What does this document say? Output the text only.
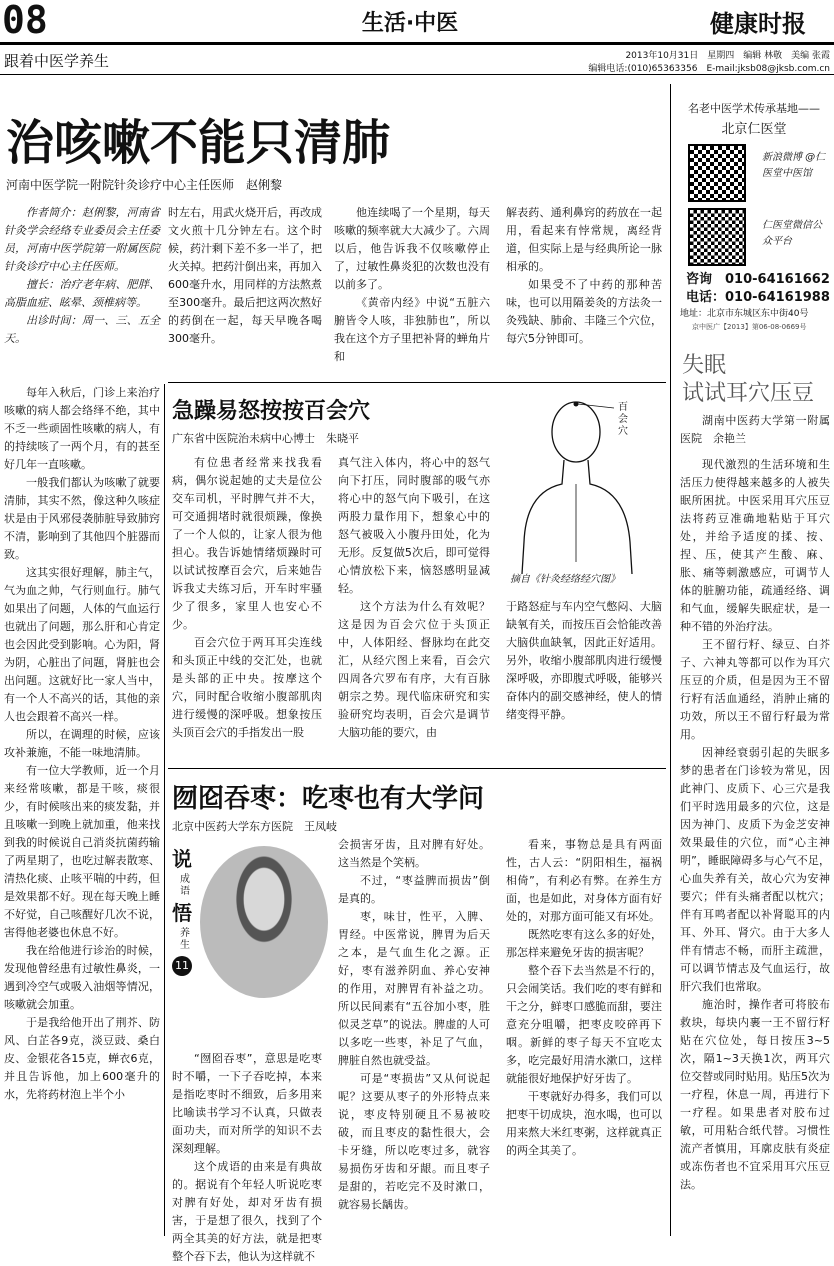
08	生活·中医	健康时报
跟着中医学养生	2013年10月31日　星期四　编辑 林敬　美编 张霞
编辑电话:(010)65363356　E-mail:jksb08@jksb.com.cn
治咳嗽不能只清肺
河南中医学院一附院针灸诊疗中心主任医师　赵俐黎

作者简介：赵俐黎，河南省针灸学会经络专业委员会主任委员，河南中医学院第一附属医院针灸诊疗中心主任医师。

擅长：治疗老年病、肥胖、高脂血症、眩晕、颈椎病等。

出诊时间：周一、三、五全天。

时左右，用武火烧开后，再改成文火煎十几分钟左右。这个时候，药汁剩下差不多一半了，把火关掉。把药汁倒出来，再加入600毫升水，用同样的方法熬煮至300毫升。最后把这两次熬好的药倒在一起，每天早晚各喝300毫升。

他连续喝了一个星期，每天咳嗽的频率就大大减少了。六周以后，他告诉我不仅咳嗽停止了，过敏性鼻炎犯的次数也没有以前多了。

《黄帝内经》中说“五脏六腑皆令人咳，非独肺也”，所以我在这个方子里把补肾的蝉角片和

解表药、通利鼻窍的药放在一起用，看起来有悖常规，离经背道，但实际上是与经典所论一脉相承的。

如果受不了中药的那种苦味，也可以用隔姜灸的方法灸一灸残缺、肺俞、丰隆三个穴位，每穴5分钟即可。

每年入秋后，门诊上来治疗咳嗽的病人都会络绎不绝，其中不乏一些顽固性咳嗽的病人，有的持续咳了一两个月，有的甚至好几年一直咳嗽。

一般我们都认为咳嗽了就要清肺，其实不然，像这种久咳症状是由于风邪侵袭肺脏导致肺窍不清，影响到了其他四个脏器而致。

这其实很好理解，肺主气，气为血之帅，气行则血行。肺气如果出了问题，人体的气血运行也就出了问题，那么肝和心肯定也会因此受到影响。心为阳，肾为阴，心脏出了问题，肾脏也会出问题。这就好比一家人当中，有一个人不高兴的话，其他的亲人也会跟着不高兴一样。

所以，在调理的时候，应该攻补兼施，不能一味地清肺。

有一位大学教师，近一个月来经常咳嗽，都是干咳，痰很少，有时候咳出来的痰发黏，并且咳嗽一到晚上就加重，他来找到我的时候说自己消炎抗菌药输了两星期了，也吃过解表散寒、清热化痰、止咳平喘的中药，但是效果都不好。现在每天晚上睡不好觉，自己咳醒好几次不说，害得他老婆也休息不好。

我在给他进行诊治的时候，发现他曾经患有过敏性鼻炎，一遇到冷空气或吸入油烟等情况，咳嗽就会加重。

于是我给他开出了荆芥、防风、白芷各9克，淡豆豉、桑白皮、金银花各15克，蝉衣6克，并且告诉他，加上600毫升的水，先将药材泡上半个小

急躁易怒按按百会穴
广东省中医院治未病中心博士　朱晓平

有位患者经常来找我看病，偶尔说起她的丈夫是位公交车司机，平时脾气并不大，可交通拥堵时就很烦躁，像换了一个人似的，让家人很为他担心。我告诉她情绪烦躁时可以试试按摩百会穴，后来她告诉我丈夫练习后，开车时牢骚少了很多，家里人也安心不少。

百会穴位于两耳耳尖连线和头顶正中线的交汇处，也就是头部的正中央。按摩这个穴，同时配合收缩小腹部肌肉进行缓慢的深呼吸。想象按压头顶百会穴的手指发出一股

真气注入体内，将心中的怒气向下打压，同时腹部的吸气亦将心中的怒气向下吸引，在这两股力量作用下，想象心中的怒气被吸入小腹丹田处，化为无形。反复做5次后，即可觉得心情放松下来，恼怒感明显减轻。

这个方法为什么有效呢？这是因为百会穴位于头顶正中，人体阳经、督脉均在此交汇，从经穴图上来看，百会穴四周各穴罗布有序，大有百脉朝宗之势。现代临床研究和实验研究均表明，百会穴是调节大脑功能的要穴，由

百会穴
摘自《针灸经络经穴图》

于路怒症与车内空气憋闷、大脑缺氧有关，而按压百会恰能改善大脑供血缺氧，因此正好适用。另外，收缩小腹部肌肉进行缓慢深呼吸，亦即腹式呼吸，能够兴奋体内的副交感神经，使人的情绪变得平静。

囫囵吞枣：吃枣也有大学问
北京中医药大学东方医院　王凤岐
说
成语
悟
养生
11

“囫囵吞枣”，意思是吃枣时不嚼，一下子吞吃掉，本来是指吃枣时不细致，后多用来比喻读书学习不认真，只做表面功夫，而对所学的知识不去深刻理解。

这个成语的由来是有典故的。据说有个年轻人听说吃枣对脾有好处，却对牙齿有损害，于是想了很久，找到了个两全其美的好方法，就是把枣整个吞下去，他认为这样就不

会损害牙齿，且对脾有好处。这当然是个笑柄。

不过，“枣益脾而损齿”倒是真的。

枣，味甘，性平，入脾、胃经。中医常说，脾胃为后天之本，是气血生化之源。正好，枣有滋养阴血、养心安神的作用，对脾胃有补益之功。所以民间素有“五谷加小枣，胜似灵芝草”的说法。脾虚的人可以多吃一些枣，补足了气血，脾脏自然也就受益。

可是“枣损齿”又从何说起呢？这要从枣子的外形特点来说，枣皮特别硬且不易被咬破，而且枣皮的黏性很大，会卡牙缝，所以吃枣过多，就容易损伤牙齿和牙龈。而且枣子是甜的，若吃完不及时漱口，就容易长龋齿。

看来，事物总是具有两面性，古人云：“阴阳相生，福祸相倚”，有利必有弊。在养生方面，也是如此，对身体方面有好处的，对那方面可能又有坏处。

既然吃枣有这么多的好处，那怎样来避免牙齿的损害呢？

整个吞下去当然是不行的，只会闹笑话。我们吃的枣有鲜和干之分，鲜枣口感脆而甜，要注意充分咀嚼，把枣皮咬碎再下咽。新鲜的枣子每天不宜吃太多，吃完最好用清水漱口，这样就能很好地保护好牙齿了。

干枣就好办得多，我们可以把枣干切成块，泡水喝，也可以用来熬大米红枣粥，这样就真正的两全其美了。

名老中医学术传承基地——
北京仁医堂
新浪微博 @仁医堂中医馆
仁医堂微信公众平台
咨询　010-64161662
电话：010-64161988
地址：北京市东城区东中街40号
京中医广【2013】第06-08-0669号
失眠
试试耳穴压豆

湖南中医药大学第一附属医院　余艳兰

现代激烈的生活环境和生活压力使得越来越多的人被失眠所困扰。中医采用耳穴压豆法将药豆准确地粘贴于耳穴处，并给予适度的揉、按、捏、压，使其产生酸、麻、胀、痛等刺激感应，可调节人体的脏腑功能，疏通经络、调和气血，缓解失眠症状，是一种不错的外治疗法。

王不留行籽、绿豆、白芥子、六神丸等都可以作为耳穴压豆的介质，但是因为王不留行籽有活血通经，消肿止痛的功效，所以王不留行籽最为常用。

因神经衰弱引起的失眠多梦的患者在门诊较为常见，因此神门、皮质下、心三穴是我们平时选用最多的穴位，这是因为神门、皮质下为金芝安神效果最佳的穴位，而“心主神明”，睡眠障碍多与心气不足，心血失养有关，故心穴为安神要穴；伴有头痛者配以枕穴；伴有耳鸣者配以补肾聪耳的内耳、外耳、肾穴。由于大多人伴有情志不畅，而肝主疏泄，可以调节情志及气血运行，故肝穴我们也常取。

施治时，操作者可将胶布救块，每块内裹一王不留行籽贴在穴位处，每日按压3~5次，隔1~3天换1次，两耳穴位交替或同时贴用。贴压5次为一疗程，休息一周，再进行下一疗程。如果患者对胶布过敏，可用粘合纸代替。习惯性流产者慎用，耳廓皮肤有炎症或冻伤者也不宜采用耳穴压豆法。
